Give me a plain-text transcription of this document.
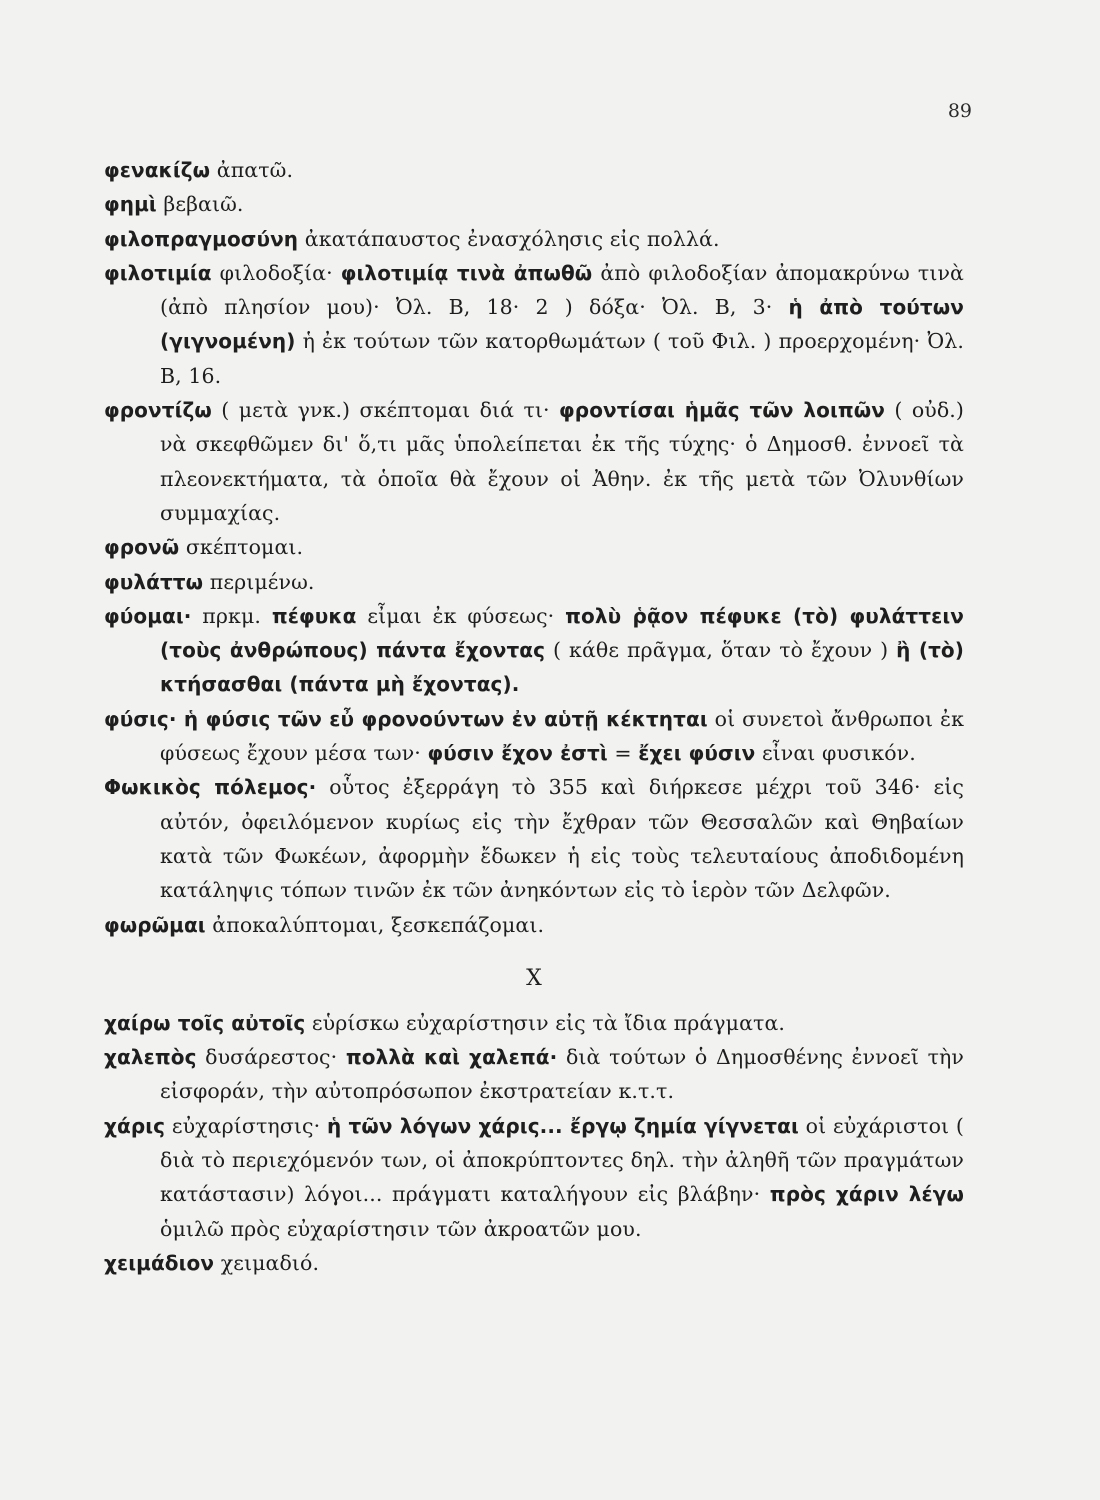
89
φενακίζω ἀπατῶ.
φημὶ βεβαιῶ.
φιλοπραγμοσύνη ἀκατάπαυστος ἐνασχόλησις εἰς πολλά.
φιλοτιμία φιλοδοξία· φιλοτιμίᾳ τινὰ ἀπωθῶ ἀπὸ φιλοδοξίαν ἀπομακρύνω τινὰ (ἀπὸ πλησίον μου)· Ὀλ. Β, 18· 2 ) δόξα· Ὀλ. Β, 3· ἡ ἀπὸ τούτων (γιγνομένη) ἡ ἐκ τούτων τῶν κατορθωμάτων ( τοῦ Φιλ. ) προερχομένη· Ὀλ. Β, 16.
φροντίζω ( μετὰ γνκ.) σκέπτομαι διά τι· φροντίσαι ἡμᾶς τῶν λοιπῶν ( οὐδ.) νὰ σκεφθῶμεν δι' ὅ,τι μᾶς ὑπολείπεται ἐκ τῆς τύχης· ὁ Δημοσθ. ἐννοεῖ τὰ πλεονεκτήματα, τὰ ὁποῖα θὰ ἔχουν οἱ Ἀθην. ἐκ τῆς μετὰ τῶν Ὀλυνθίων συμμαχίας.
φρονῶ σκέπτομαι.
φυλάττω περιμένω.
φύομαι· πρκμ. πέφυκα εἶμαι ἐκ φύσεως· πολὺ ῥᾷον πέφυκε (τὸ) φυλάττειν (τοὺς ἀνθρώπους) πάντα ἔχοντας ( κάθε πρᾶγμα, ὅταν τὸ ἔχουν ) ἢ (τὸ) κτήσασθαι (πάντα μὴ ἔχοντας).
φύσις· ἡ φύσις τῶν εὖ φρονούντων ἐν αὑτῇ κέκτηται οἱ συνετοὶ ἄνθρωποι ἐκ φύσεως ἔχουν μέσα των· φύσιν ἔχον ἐστὶ = ἔχει φύσιν εἶναι φυσικόν.
Φωκικὸς πόλεμος· οὗτος ἐξερράγη τὸ 355 καὶ διήρκεσε μέχρι τοῦ 346· εἰς αὐτόν, ὀφειλόμενον κυρίως εἰς τὴν ἔχθραν τῶν Θεσσαλῶν καὶ Θηβαίων κατὰ τῶν Φωκέων, ἀφορμὴν ἔδωκεν ἡ εἰς τοὺς τελευταίους ἀποδιδομένη κατάληψις τόπων τινῶν ἐκ τῶν ἀνηκόντων εἰς τὸ ἱερὸν τῶν Δελφῶν.
φωρῶμαι ἀποκαλύπτομαι, ξεσκεπάζομαι.
X
χαίρω τοῖς αὐτοῖς εὑρίσκω εὐχαρίστησιν εἰς τὰ ἴδια πράγματα.
χαλεπὸς δυσάρεστος· πολλὰ καὶ χαλεπά· διὰ τούτων ὁ Δημοσθένης ἐννοεῖ τὴν εἰσφοράν, τὴν αὐτοπρόσωπον ἐκστρατείαν κ.τ.τ.
χάρις εὐχαρίστησις· ἡ τῶν λόγων χάρις... ἔργῳ ζημία γίγνεται οἱ εὐχάριστοι ( διὰ τὸ περιεχόμενόν των, οἱ ἀποκρύπτοντες δηλ. τὴν ἀληθῆ τῶν πραγμάτων κατάστασιν) λόγοι... πράγματι καταλήγουν εἰς βλάβην· πρὸς χάριν λέγω ὁμιλῶ πρὸς εὐχαρίστησιν τῶν ἀκροατῶν μου.
χειμάδιον χειμαδιό.
